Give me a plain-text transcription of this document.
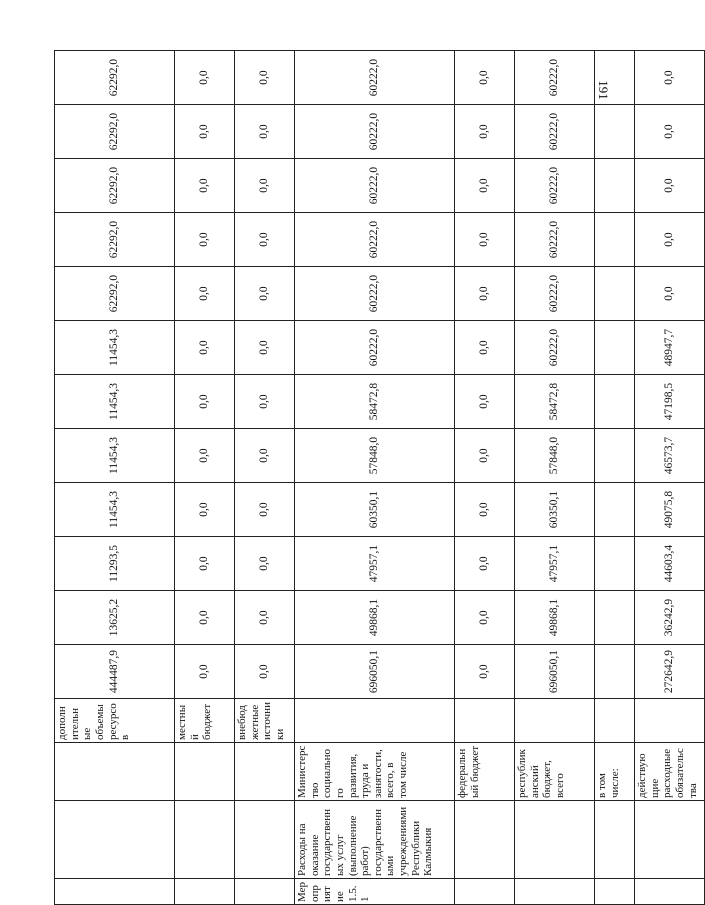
191
			дополнительные объемы ресурсов	444487,9	13625,2	11293,5	11454,3	11454,3	11454,3	11454,3	62292,0	62292,0	62292,0	62292,0	62292,0
			местный бюджет	0,0	0,0	0,0	0,0	0,0	0,0	0,0	0,0	0,0	0,0	0,0	0,0
			внебюджетные источники	0,0	0,0	0,0	0,0	0,0	0,0	0,0	0,0	0,0	0,0	0,0	0,0
Мероприятие 1.5.1	Расходы на оказание государственных услуг (выполнение работ) государственными учреждениями Республики Калмыкия	Министерство социального развития, труда и занятости, всего, в том числе		696050,1	49868,1	47957,1	60350,1	57848,0	58472,8	60222,0	60222,0	60222,0	60222,0	60222,0	60222,0
		федеральный бюджет		0,0	0,0	0,0	0,0	0,0	0,0	0,0	0,0	0,0	0,0	0,0	0,0
		республиканский бюджет, всего		696050,1	49868,1	47957,1	60350,1	57848,0	58472,8	60222,0	60222,0	60222,0	60222,0	60222,0	60222,0
		в том числе:													
		действующие расходные обязательства		272642,9	36242,9	44603,4	49075,8	46573,7	47198,5	48947,7	0,0	0,0	0,0	0,0	0,0
